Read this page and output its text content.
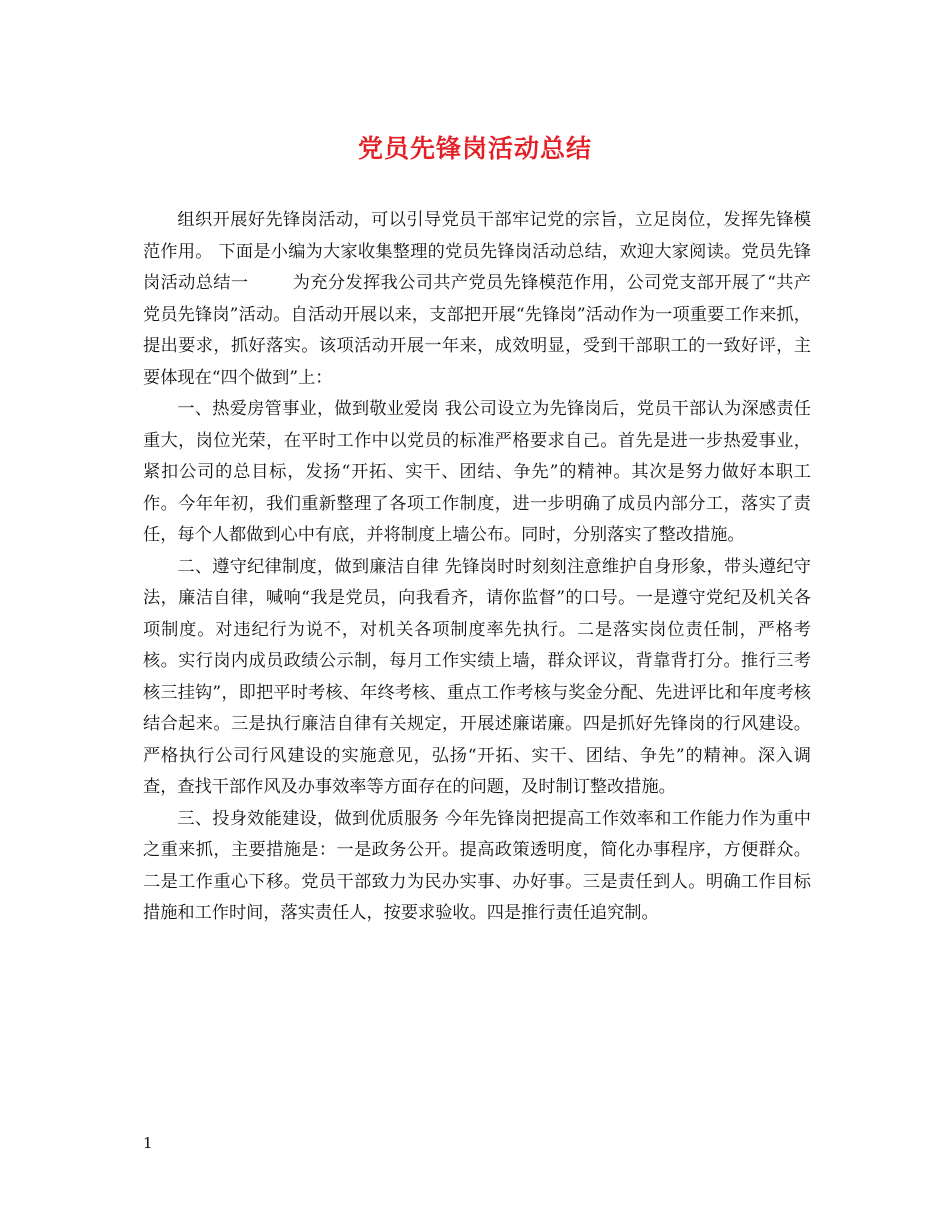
党员先锋岗活动总结

组织开展好先锋岗活动，可以引导党员干部牢记党的宗旨，立足岗位，发挥先锋模范作用。 下面是小编为大家收集整理的党员先锋岗活动总结，欢迎大家阅读。党员先锋岗活动总结一	为充分发挥我公司共产党员先锋模范作用，公司党支部开展了“共产党员先锋岗”活动。自活动开展以来，支部把开展“先锋岗”活动作为一项重要工作来抓，提出要求，抓好落实。该项活动开展一年来，成效明显，受到干部职工的一致好评，主要体现在“四个做到”上：

一、热爱房管事业，做到敬业爱岗 我公司设立为先锋岗后，党员干部认为深感责任重大，岗位光荣，在平时工作中以党员的标准严格要求自己。首先是进一步热爱事业，紧扣公司的总目标，发扬“开拓、实干、团结、争先”的精神。其次是努力做好本职工作。今年年初，我们重新整理了各项工作制度，进一步明确了成员内部分工，落实了责任，每个人都做到心中有底，并将制度上墙公布。同时，分别落实了整改措施。

二、遵守纪律制度，做到廉洁自律 先锋岗时时刻刻注意维护自身形象，带头遵纪守法，廉洁自律，喊响“我是党员，向我看齐，请你监督”的口号。一是遵守党纪及机关各项制度。对违纪行为说不，对机关各项制度率先执行。二是落实岗位责任制，严格考核。实行岗内成员政绩公示制，每月工作实绩上墙，群众评议，背靠背打分。推行三考核三挂钩”，即把平时考核、年终考核、重点工作考核与奖金分配、先进评比和年度考核结合起来。三是执行廉洁自律有关规定，开展述廉诺廉。四是抓好先锋岗的行风建设。严格执行公司行风建设的实施意见，弘扬“开拓、实干、团结、争先”的精神。深入调查，查找干部作风及办事效率等方面存在的问题，及时制订整改措施。

三、投身效能建设，做到优质服务 今年先锋岗把提高工作效率和工作能力作为重中之重来抓，主要措施是：一是政务公开。提高政策透明度，简化办事程序，方便群众。二是工作重心下移。党员干部致力为民办实事、办好事。三是责任到人。明确工作目标措施和工作时间，落实责任人，按要求验收。四是推行责任追究制。

1
